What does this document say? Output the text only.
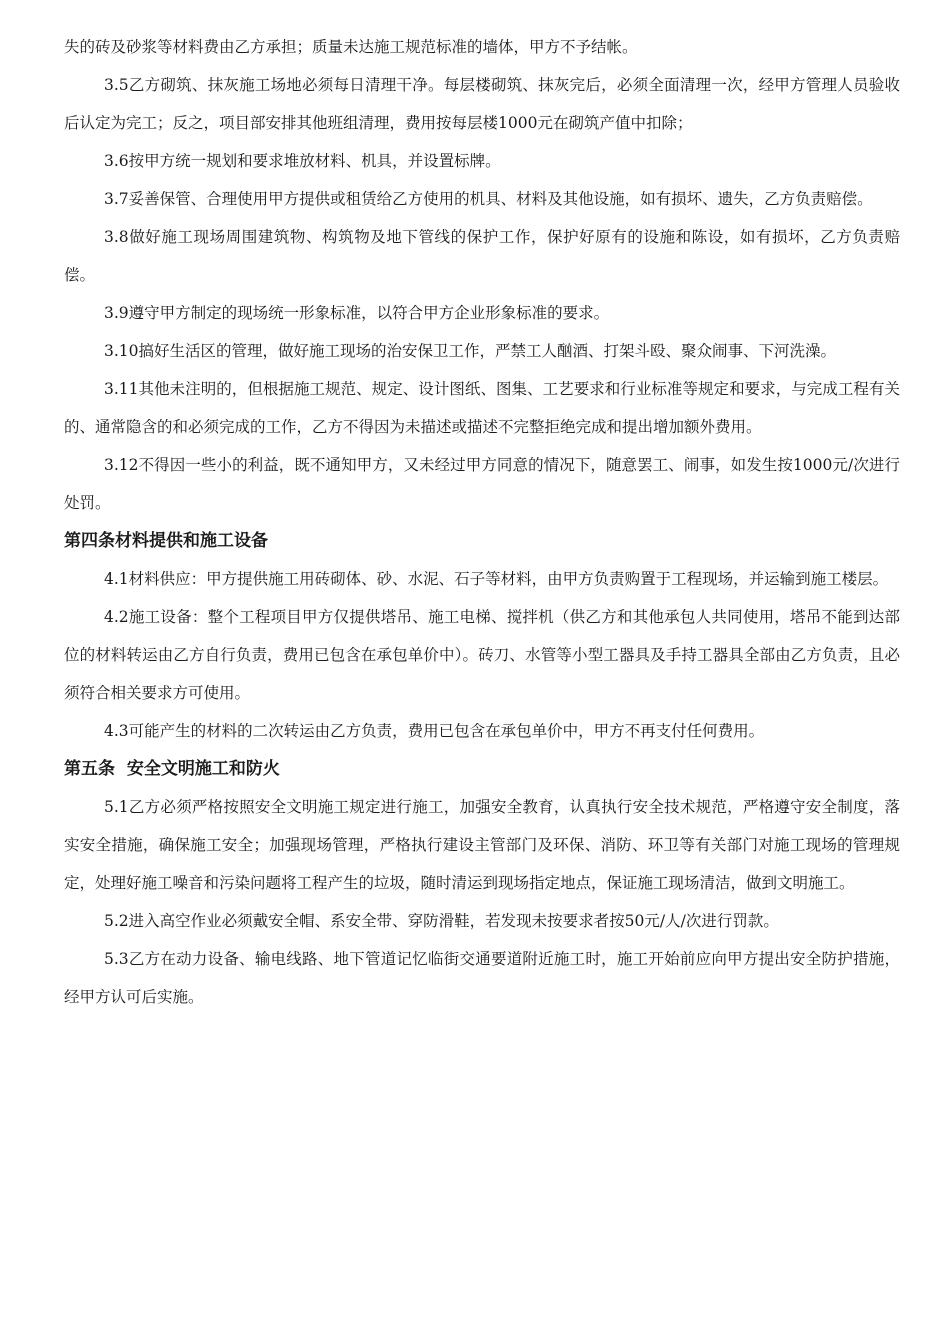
失的砖及砂浆等材料费由乙方承担；质量未达施工规范标准的墙体，甲方不予结帐。

3.5乙方砌筑、抹灰施工场地必须每日清理干净。每层楼砌筑、抹灰完后，必须全面清理一次，经甲方管理人员验收后认定为完工；反之，项目部安排其他班组清理，费用按每层楼1000元在砌筑产值中扣除；

3.6按甲方统一规划和要求堆放材料、机具，并设置标牌。

3.7妥善保管、合理使用甲方提供或租赁给乙方使用的机具、材料及其他设施，如有损坏、遗失，乙方负责赔偿。

3.8做好施工现场周围建筑物、构筑物及地下管线的保护工作，保护好原有的设施和陈设，如有损坏，乙方负责赔偿。

3.9遵守甲方制定的现场统一形象标准，以符合甲方企业形象标准的要求。

3.10搞好生活区的管理，做好施工现场的治安保卫工作，严禁工人酗酒、打架斗殴、聚众闹事、下河洗澡。

3.11其他未注明的，但根据施工规范、规定、设计图纸、图集、工艺要求和行业标准等规定和要求，与完成工程有关的、通常隐含的和必须完成的工作，乙方不得因为未描述或描述不完整拒绝完成和提出增加额外费用。

3.12不得因一些小的利益，既不通知甲方，又未经过甲方同意的情况下，随意罢工、闹事，如发生按1000元/次进行处罚。

第四条材料提供和施工设备

4.1材料供应：甲方提供施工用砖砌体、砂、水泥、石子等材料，由甲方负责购置于工程现场，并运输到施工楼层。

4.2施工设备：整个工程项目甲方仅提供塔吊、施工电梯、搅拌机（供乙方和其他承包人共同使用，塔吊不能到达部位的材料转运由乙方自行负责，费用已包含在承包单价中）。砖刀、水管等小型工器具及手持工器具全部由乙方负责，且必须符合相关要求方可使用。

4.3可能产生的材料的二次转运由乙方负责，费用已包含在承包单价中，甲方不再支付任何费用。

第五条  安全文明施工和防火

5.1乙方必须严格按照安全文明施工规定进行施工，加强安全教育，认真执行安全技术规范，严格遵守安全制度，落实安全措施，确保施工安全；加强现场管理，严格执行建设主管部门及环保、消防、环卫等有关部门对施工现场的管理规定，处理好施工噪音和污染问题将工程产生的垃圾，随时清运到现场指定地点，保证施工现场清洁，做到文明施工。

5.2进入高空作业必须戴安全帽、系安全带、穿防滑鞋，若发现未按要求者按50元/人/次进行罚款。

5.3乙方在动力设备、输电线路、地下管道记忆临街交通要道附近施工时，施工开始前应向甲方提出安全防护措施，经甲方认可后实施。
